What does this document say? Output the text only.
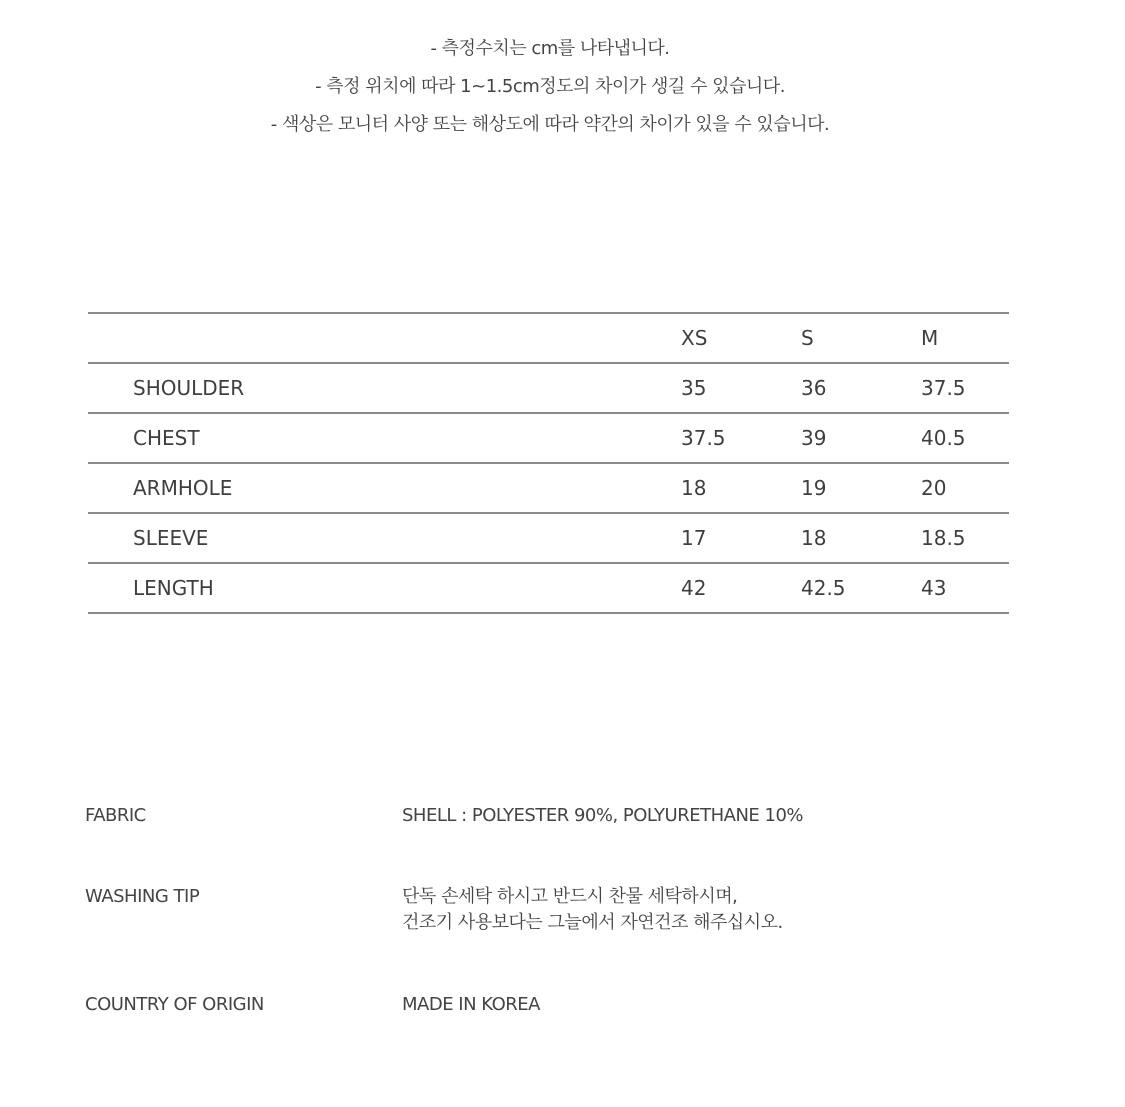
- 측정수치는 cm를 나타냅니다.
- 측정 위치에 따라 1~1.5cm정도의 차이가 생길 수 있습니다.
- 색상은 모니터 사양 또는 해상도에 따라 약간의 차이가 있을 수 있습니다.
	XS	S	M
SHOULDER	35	36	37.5
CHEST	37.5	39	40.5
ARMHOLE	18	19	20
SLEEVE	17	18	18.5
LENGTH	42	42.5	43
FABRIC	SHELL : POLYESTER 90%, POLYURETHANE 10%
WASHING TIP	단독 손세탁 하시고 반드시 찬물 세탁하시며,
건조기 사용보다는 그늘에서 자연건조 해주십시오.
COUNTRY OF ORIGIN	MADE IN KOREA
